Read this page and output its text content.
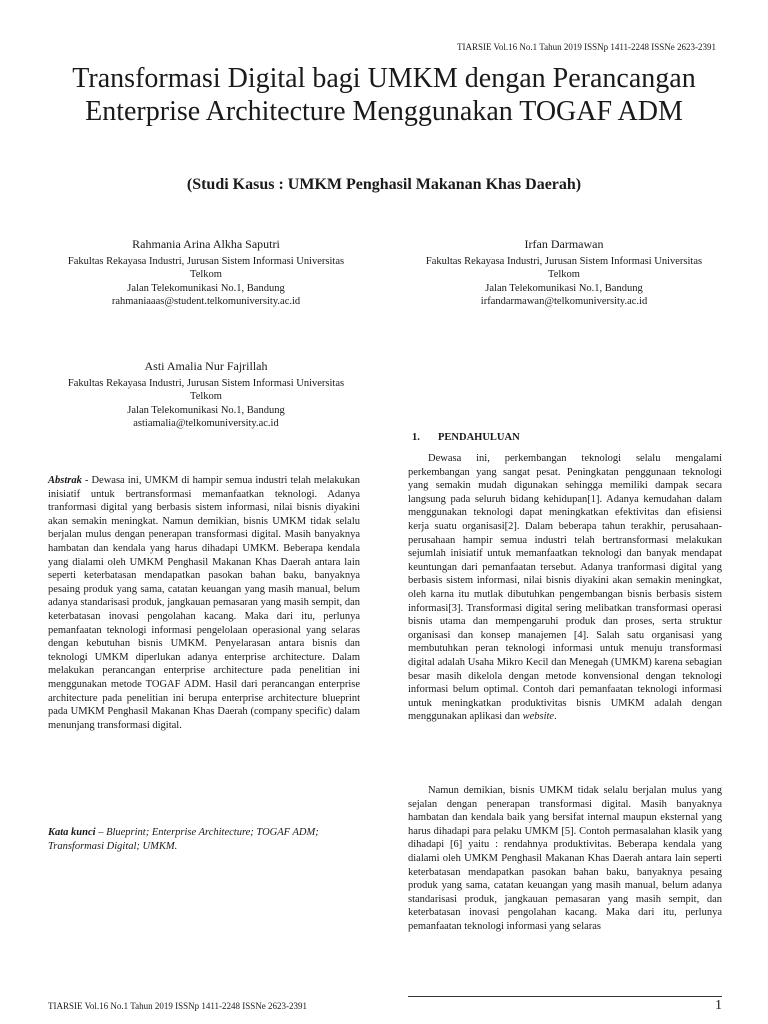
TIARSIE Vol.16 No.1 Tahun 2019 ISSNp 1411-2248 ISSNe 2623-2391
Transformasi Digital bagi UMKM dengan Perancangan Enterprise Architecture Menggunakan TOGAF ADM
(Studi Kasus : UMKM Penghasil Makanan Khas Daerah)
Rahmania Arina Alkha Saputri
Fakultas Rekayasa Industri, Jurusan Sistem Informasi Universitas Telkom
Jalan Telekomunikasi No.1, Bandung
rahmaniaaas@student.telkomuniversity.ac.id
Irfan Darmawan
Fakultas Rekayasa Industri, Jurusan Sistem Informasi Universitas Telkom
Jalan Telekomunikasi No.1, Bandung
irfandarmawan@telkomuniversity.ac.id
Asti Amalia Nur Fajrillah
Fakultas Rekayasa Industri, Jurusan Sistem Informasi Universitas Telkom
Jalan Telekomunikasi No.1, Bandung
astiamalia@telkomuniversity.ac.id
Abstrak - Dewasa ini, UMKM di hampir semua industri telah melakukan inisiatif untuk bertransformasi memanfaatkan teknologi. Adanya tranformasi digital yang berbasis sistem informasi, nilai bisnis diyakini akan semakin meningkat. Namun demikian, bisnis UMKM tidak selalu berjalan mulus dengan penerapan transformasi digital. Masih banyaknya hambatan dan kendala yang harus dihadapi UMKM. Beberapa kendala yang dialami oleh UMKM Penghasil Makanan Khas Daerah antara lain seperti keterbatasan mendapatkan pasokan bahan baku, banyaknya pesaing produk yang sama, catatan keuangan yang masih manual, belum adanya standarisasi produk, jangkauan pemasaran yang masih sempit, dan keterbatasan inovasi pengolahan kacang. Maka dari itu, perlunya pemanfaatan teknologi informasi pengelolaan operasional yang selaras dengan kebutuhan bisnis UMKM. Penyelarasan antara bisnis dan teknologi UMKM diperlukan adanya enterprise architecture. Dalam melakukan perancangan enterprise architecture pada penelitian ini menggunakan metode TOGAF ADM. Hasil dari perancangan enterprise architecture pada penelitian ini berupa enterprise architecture blueprint pada UMKM Penghasil Makanan Khas Daerah (company specific) dalam menunjang transformasi digital.
Kata kunci – Blueprint; Enterprise Architecture; TOGAF ADM; Transformasi Digital; UMKM.
1. PENDAHULUAN

Dewasa ini, perkembangan teknologi selalu mengalami perkembangan yang sangat pesat. Peningkatan penggunaan teknologi yang semakin mudah digunakan sehingga memiliki dampak secara langsung pada seluruh bidang kehidupan[1]. Adanya kemudahan dalam menggunakan teknologi dapat meningkatkan efektivitas dan efisiensi kerja suatu organisasi[2]. Dalam beberapa tahun terakhir, perusahaan-perusahaan hampir semua industri telah bertransformasi melakukan sejumlah inisiatif untuk memanfaatkan teknologi dan banyak mendapat keuntungan dari pemanfaatan tersebut. Adanya tranformasi digital yang berbasis sistem informasi, nilai bisnis diyakini akan semakin meningkat, oleh karna itu mutlak dibutuhkan pengembangan bisnis berbasis sistem informasi[3]. Transformasi digital sering melibatkan transformasi operasi bisnis utama dan mempengaruhi produk dan proses, serta struktur organisasi dan konsep manajemen [4]. Salah satu organisasi yang membutuhkan peran teknologi informasi untuk menuju transformasi digital adalah Usaha Mikro Kecil dan Menegah (UMKM) karena sebagian besar masih dikelola dengan metode konvensional dengan teknologi informasi belum optimal. Contoh dari pemanfaatan teknologi informasi untuk meningkatkan produktivitas bisnis UMKM adalah dengan menggunakan aplikasi dan website.

Namun demikian, bisnis UMKM tidak selalu berjalan mulus yang sejalan dengan penerapan transformasi digital. Masih banyaknya hambatan dan kendala baik yang bersifat internal maupun eksternal yang harus dihadapi para pelaku UMKM [5]. Contoh permasalahan klasik yang dihadapi [6] yaitu : rendahnya produktivitas. Beberapa kendala yang dialami oleh UMKM Penghasil Makanan Khas Daerah antara lain seperti keterbatasan mendapatkan pasokan bahan baku, banyaknya pesaing produk yang sama, catatan keuangan yang masih manual, belum adanya standarisasi produk, jangkauan pemasaran yang masih sempit, dan keterbatasan inovasi pengolahan kacang. Maka dari itu, perlunya pemanfaatan teknologi informasi yang selaras

TIARSIE Vol.16 No.1 Tahun 2019 ISSNp 1411-2248 ISSNe 2623-2391	1
